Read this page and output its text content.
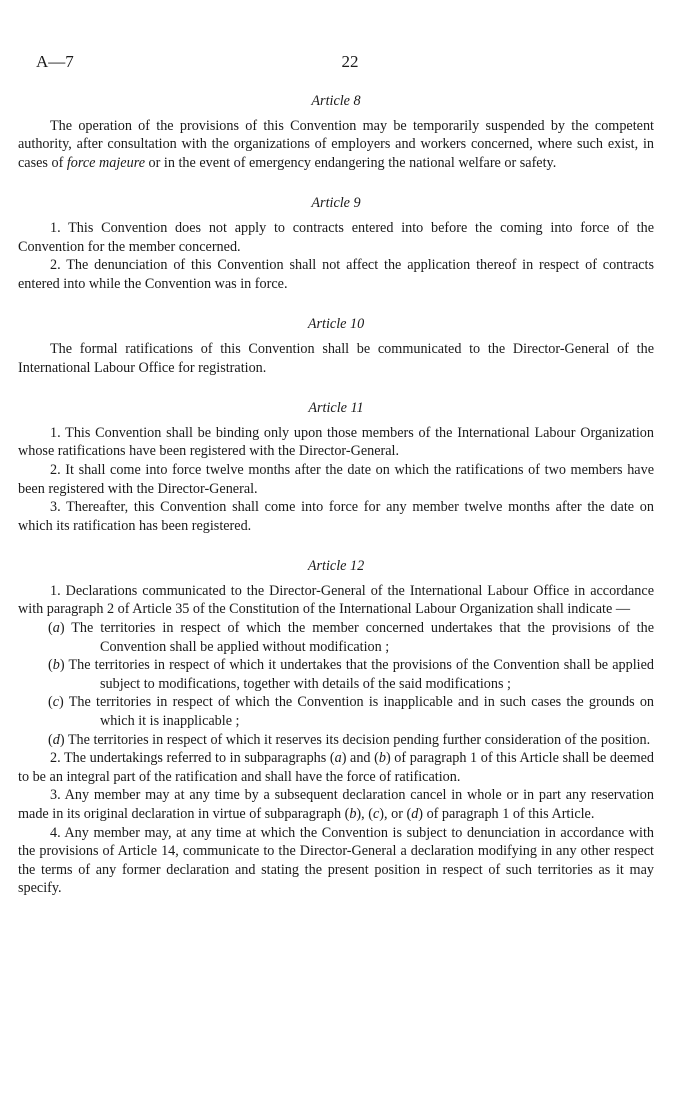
A—7	22

Article 8

The operation of the provisions of this Convention may be temporarily suspended by the competent authority, after consultation with the organizations of employers and workers concerned, where such exist, in cases of force majeure or in the event of emergency endangering the national welfare or safety.

Article 9

1. This Convention does not apply to contracts entered into before the coming into force of the Convention for the member concerned.

2. The denunciation of this Convention shall not affect the application thereof in respect of contracts entered into while the Convention was in force.

Article 10

The formal ratifications of this Convention shall be communicated to the Director-General of the International Labour Office for registration.

Article 11

1. This Convention shall be binding only upon those members of the International Labour Organization whose ratifications have been registered with the Director-General.

2. It shall come into force twelve months after the date on which the ratifications of two members have been registered with the Director-General.

3. Thereafter, this Convention shall come into force for any member twelve months after the date on which its ratification has been registered.

Article 12

1. Declarations communicated to the Director-General of the International Labour Office in accordance with paragraph 2 of Article 35 of the Constitution of the International Labour Organization shall indicate —

(a) The territories in respect of which the member concerned undertakes that the provisions of the Convention shall be applied without modification ;

(b) The territories in respect of which it undertakes that the provisions of the Convention shall be applied subject to modifications, together with details of the said modifications ;

(c) The territories in respect of which the Convention is inapplicable and in such cases the grounds on which it is inapplicable ;

(d) The territories in respect of which it reserves its decision pending further consideration of the position.

2. The undertakings referred to in subparagraphs (a) and (b) of paragraph 1 of this Article shall be deemed to be an integral part of the ratification and shall have the force of ratification.

3. Any member may at any time by a subsequent declaration cancel in whole or in part any reservation made in its original declaration in virtue of subparagraph (b), (c), or (d) of paragraph 1 of this Article.

4. Any member may, at any time at which the Convention is subject to denunciation in accordance with the provisions of Article 14, communicate to the Director-General a declaration modifying in any other respect the terms of any former declaration and stating the present position in respect of such territories as it may specify.
